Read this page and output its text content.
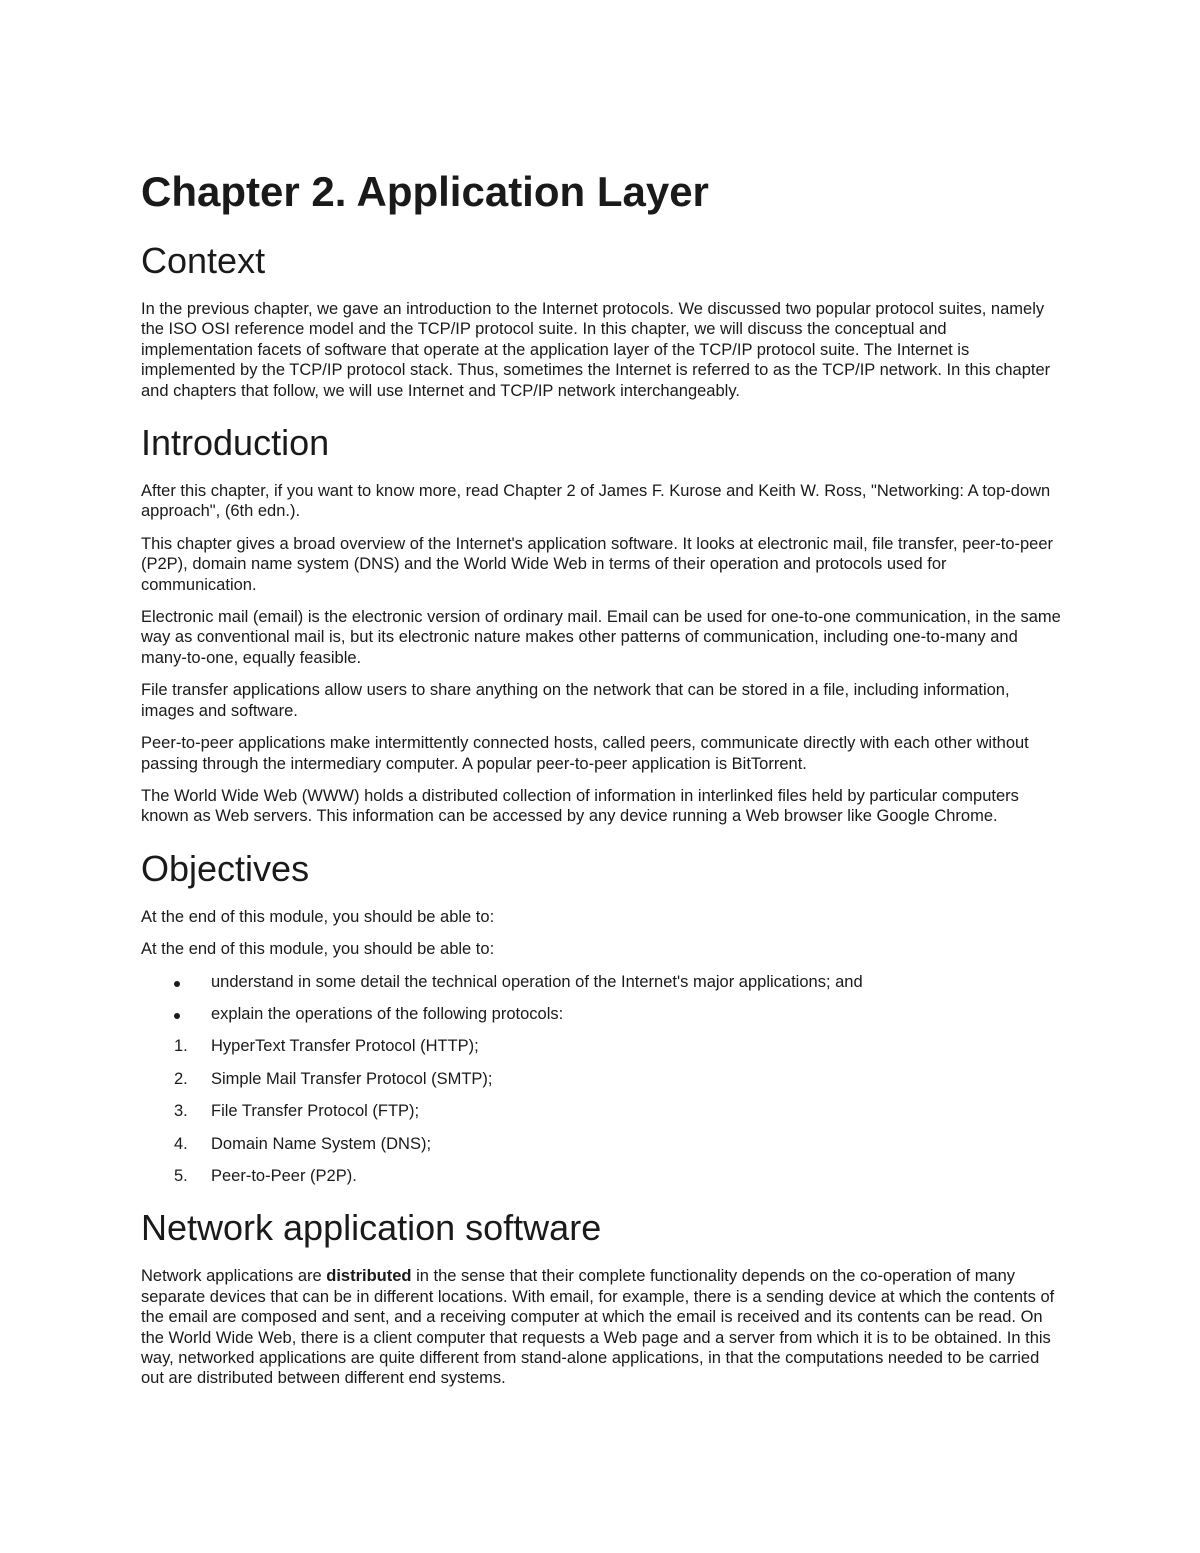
Chapter 2. Application Layer
Context

In the previous chapter, we gave an introduction to the Internet protocols. We discussed two popular protocol suites, namely the ISO OSI reference model and the TCP/IP protocol suite. In this chapter, we will discuss the conceptual and implementation facets of software that operate at the application layer of the TCP/IP protocol suite. The Internet is implemented by the TCP/IP protocol stack. Thus, sometimes the Internet is referred to as the TCP/IP network. In this chapter and chapters that follow, we will use Internet and TCP/IP network interchangeably.

Introduction

After this chapter, if you want to know more, read Chapter 2 of James F. Kurose and Keith W. Ross, "Networking: A top-down approach", (6th edn.).

This chapter gives a broad overview of the Internet's application software. It looks at electronic mail, file transfer, peer-to-peer (P2P), domain name system (DNS) and the World Wide Web in terms of their operation and protocols used for communication.

Electronic mail (email) is the electronic version of ordinary mail. Email can be used for one-to-one communication, in the same way as conventional mail is, but its electronic nature makes other patterns of communication, including one-to-many and many-to-one, equally feasible.

File transfer applications allow users to share anything on the network that can be stored in a file, including information, images and software.

Peer-to-peer applications make intermittently connected hosts, called peers, communicate directly with each other without passing through the intermediary computer. A popular peer-to-peer application is BitTorrent.

The World Wide Web (WWW) holds a distributed collection of information in interlinked files held by particular computers known as Web servers. This information can be accessed by any device running a Web browser like Google Chrome.

Objectives

At the end of this module, you should be able to:

At the end of this module, you should be able to:

understand in some detail the technical operation of the Internet's major applications; and
explain the operations of the following protocols:
1. HyperText Transfer Protocol (HTTP);
2. Simple Mail Transfer Protocol (SMTP);
3. File Transfer Protocol (FTP);
4. Domain Name System (DNS);
5. Peer-to-Peer (P2P).
Network application software

Network applications are distributed in the sense that their complete functionality depends on the co-operation of many separate devices that can be in different locations. With email, for example, there is a sending device at which the contents of the email are composed and sent, and a receiving computer at which the email is received and its contents can be read. On the World Wide Web, there is a client computer that requests a Web page and a server from which it is to be obtained. In this way, networked applications are quite different from stand-alone applications, in that the computations needed to be carried out are distributed between different end systems.
